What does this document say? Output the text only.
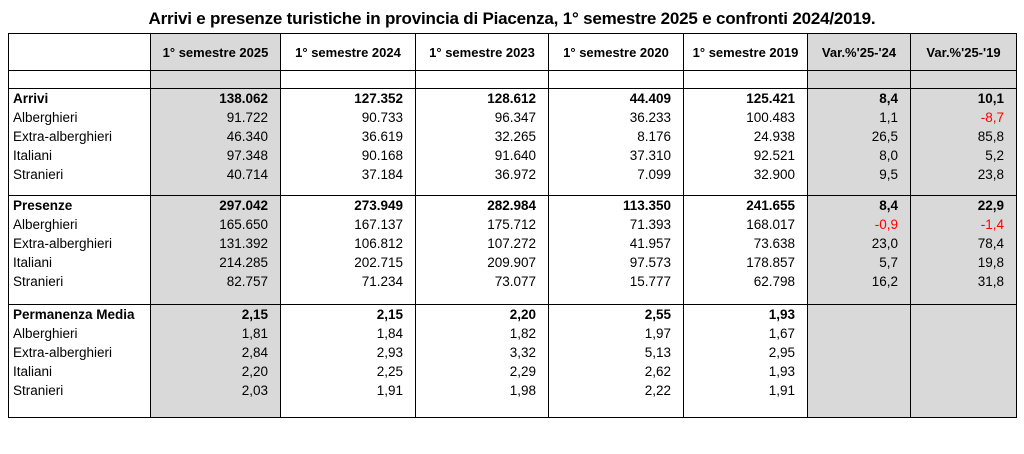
Arrivi e presenze turistiche in provincia di Piacenza, 1° semestre 2025 e confronti 2024/2019.
	1° semestre 2025	1° semestre 2024	1° semestre 2023	1° semestre 2020	1° semestre 2019	Var.%'25-'24	Var.%'25-'19

Arrivi	138.062	127.352	128.612	44.409	125.421	8,4	10,1
Alberghieri	91.722	90.733	96.347	36.233	100.483	1,1	-8,7
Extra-alberghieri	46.340	36.619	32.265	8.176	24.938	26,5	85,8
Italiani	97.348	90.168	91.640	37.310	92.521	8,0	5,2
Stranieri	40.714	37.184	36.972	7.099	32.900	9,5	23,8

Presenze	297.042	273.949	282.984	113.350	241.655	8,4	22,9
Alberghieri	165.650	167.137	175.712	71.393	168.017	-0,9	-1,4
Extra-alberghieri	131.392	106.812	107.272	41.957	73.638	23,0	78,4
Italiani	214.285	202.715	209.907	97.573	178.857	5,7	19,8
Stranieri	82.757	71.234	73.077	15.777	62.798	16,2	31,8

Permanenza Media	2,15	2,15	2,20	2,55	1,93		
Alberghieri	1,81	1,84	1,82	1,97	1,67		
Extra-alberghieri	2,84	2,93	3,32	5,13	2,95		
Italiani	2,20	2,25	2,29	2,62	1,93		
Stranieri	2,03	1,91	1,98	2,22	1,91		
